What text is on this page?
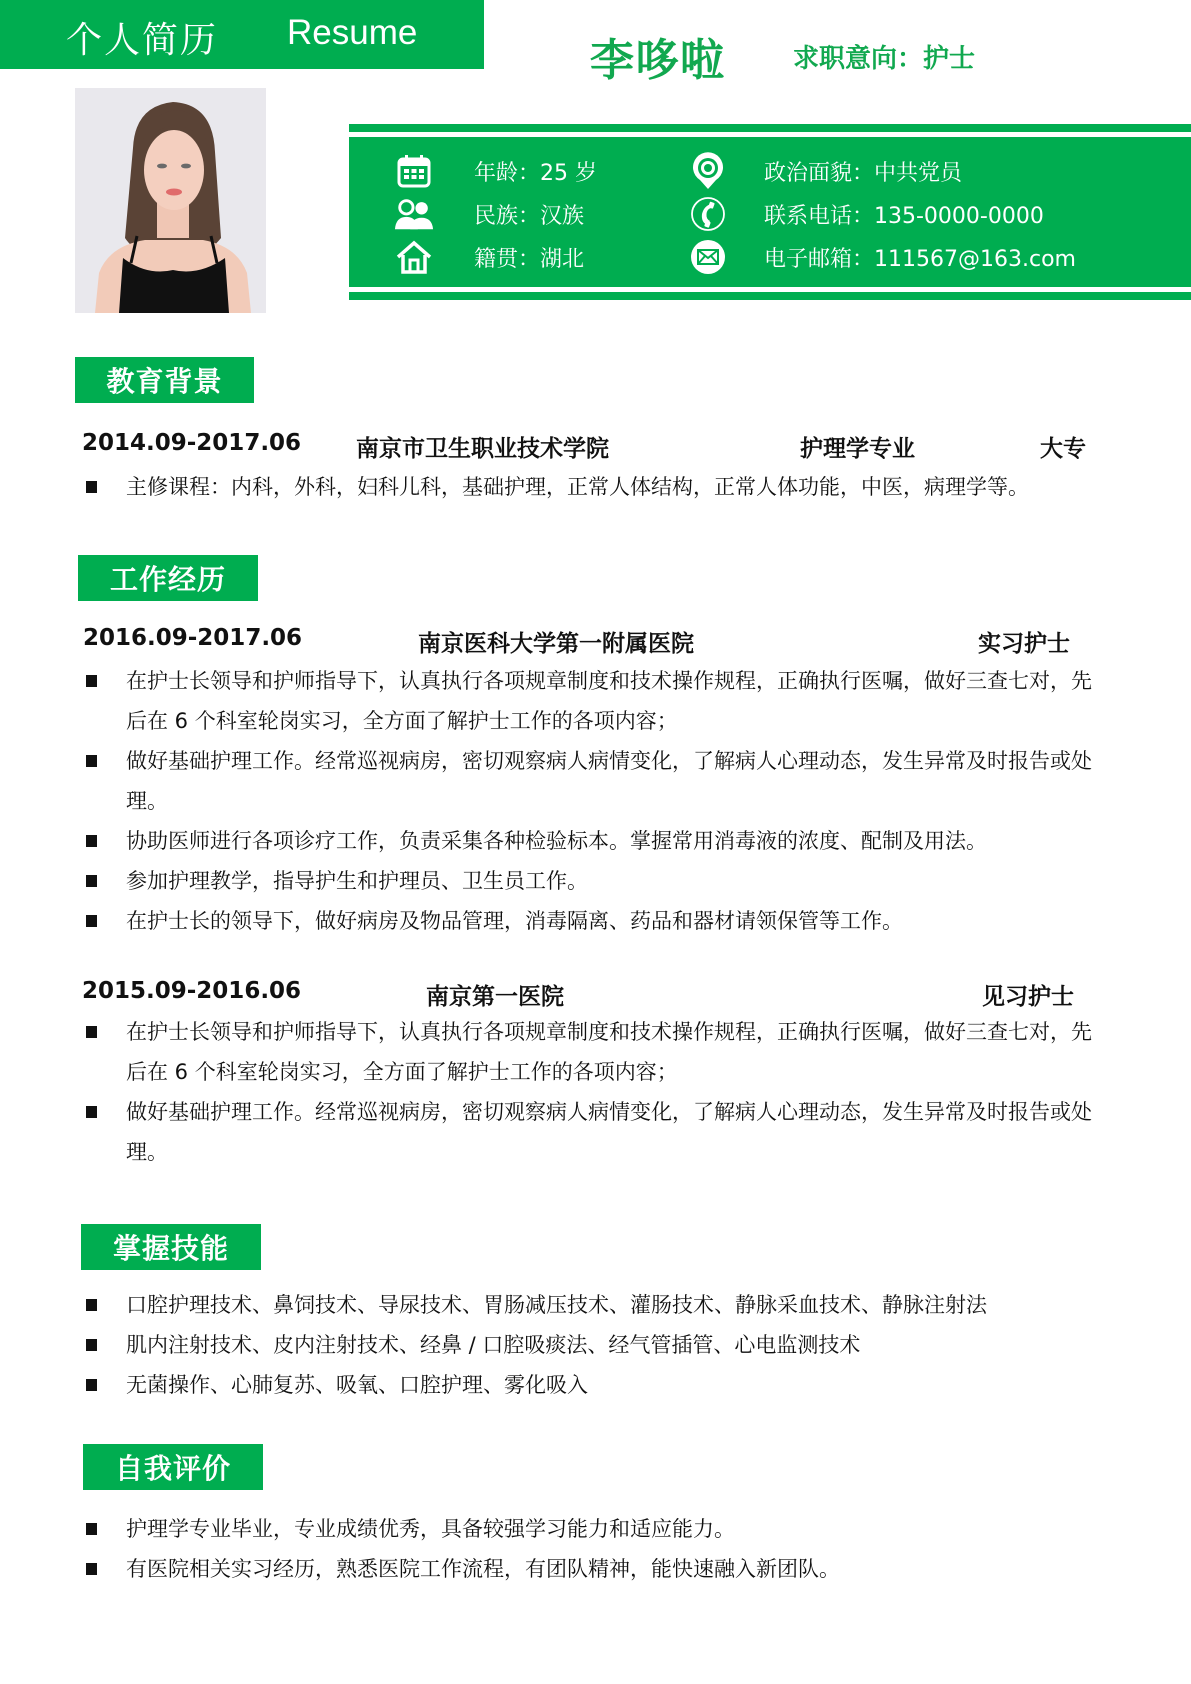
个人简历 Resume
李哆啦	求职意向：护士
年龄：25 岁
民族：汉族
籍贯：湖北
政治面貌：中共党员
联系电话：135-0000-0000
电子邮箱：111567@163.com
教育背景
2014.09-2017.06 南京市卫生职业技术学院	护理学专业	大专
主修课程：内科，外科，妇科儿科，基础护理，正常人体结构，正常人体功能，中医，病理学等。
工作经历
2016.09-2017.06	南京医科大学第一附属医院	实习护士
在护士长领导和护师指导下，认真执行各项规章制度和技术操作规程，正确执行医嘱，做好三查七对，先后在 6 个科室轮岗实习，全方面了解护士工作的各项内容；
做好基础护理工作。经常巡视病房，密切观察病人病情变化，了解病人心理动态，发生异常及时报告或处理。
协助医师进行各项诊疗工作，负责采集各种检验标本。掌握常用消毒液的浓度、配制及用法。
参加护理教学，指导护生和护理员、卫生员工作。
在护士长的领导下，做好病房及物品管理，消毒隔离、药品和器材请领保管等工作。
2015.09-2016.06	南京第一医院	见习护士
在护士长领导和护师指导下，认真执行各项规章制度和技术操作规程，正确执行医嘱，做好三查七对，先后在 6 个科室轮岗实习，全方面了解护士工作的各项内容；
做好基础护理工作。经常巡视病房，密切观察病人病情变化，了解病人心理动态，发生异常及时报告或处理。
掌握技能
口腔护理技术、鼻饲技术、导尿技术、胃肠减压技术、灌肠技术、静脉采血技术、静脉注射法
肌内注射技术、皮内注射技术、经鼻 / 口腔吸痰法、经气管插管、心电监测技术
无菌操作、心肺复苏、吸氧、口腔护理、雾化吸入
自我评价
护理学专业毕业，专业成绩优秀，具备较强学习能力和适应能力。
有医院相关实习经历，熟悉医院工作流程，有团队精神，能快速融入新团队。
